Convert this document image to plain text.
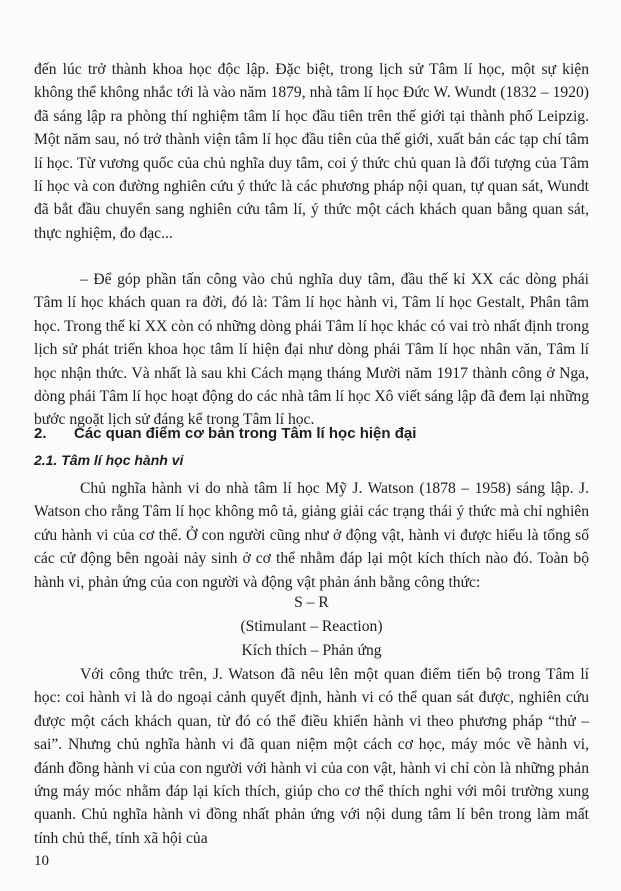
đến lúc trở thành khoa học độc lập. Đặc biệt, trong lịch sử Tâm lí học, một sự kiện không thể không nhắc tới là vào năm 1879, nhà tâm lí học Đức W. Wundt (1832 – 1920) đã sáng lập ra phòng thí nghiệm tâm lí học đầu tiên trên thế giới tại thành phố Leipzig. Một năm sau, nó trở thành viện tâm lí học đầu tiên của thế giới, xuất bản các tạp chí tâm lí học. Từ vương quốc của chủ nghĩa duy tâm, coi ý thức chủ quan là đối tượng của Tâm lí học và con đường nghiên cứu ý thức là các phương pháp nội quan, tự quan sát, Wundt đã bắt đầu chuyển sang nghiên cứu tâm lí, ý thức một cách khách quan bằng quan sát, thực nghiệm, đo đạc...

– Để góp phần tấn công vào chủ nghĩa duy tâm, đầu thế kỉ XX các dòng phái Tâm lí học khách quan ra đời, đó là: Tâm lí học hành vi, Tâm lí học Gestalt, Phân tâm học. Trong thế kỉ XX còn có những dòng phái Tâm lí học khác có vai trò nhất định trong lịch sử phát triển khoa học tâm lí hiện đại như dòng phái Tâm lí học nhân văn, Tâm lí học nhận thức. Và nhất là sau khi Cách mạng tháng Mười năm 1917 thành công ở Nga, dòng phái Tâm lí học hoạt động do các nhà tâm lí học Xô viết sáng lập đã đem lại những bước ngoặt lịch sử đáng kể trong Tâm lí học.

2. Các quan điểm cơ bản trong Tâm lí học hiện đại
2.1. Tâm lí học hành vi

Chủ nghĩa hành vi do nhà tâm lí học Mỹ J. Watson (1878 – 1958) sáng lập. J. Watson cho rằng Tâm lí học không mô tả, giảng giải các trạng thái ý thức mà chỉ nghiên cứu hành vi của cơ thể. Ở con người cũng như ở động vật, hành vi được hiểu là tổng số các cử động bên ngoài nảy sinh ở cơ thể nhằm đáp lại một kích thích nào đó. Toàn bộ hành vi, phản ứng của con người và động vật phản ánh bằng công thức:

S – R

(Stimulant – Reaction)

Kích thích – Phản ứng

Với công thức trên, J. Watson đã nêu lên một quan điểm tiến bộ trong Tâm lí học: coi hành vi là do ngoại cảnh quyết định, hành vi có thể quan sát được, nghiên cứu được một cách khách quan, từ đó có thể điều khiển hành vi theo phương pháp “thử – sai”. Nhưng chủ nghĩa hành vi đã quan niệm một cách cơ học, máy móc về hành vi, đánh đồng hành vi của con người với hành vi của con vật, hành vi chỉ còn là những phản ứng máy móc nhằm đáp lại kích thích, giúp cho cơ thể thích nghi với môi trường xung quanh. Chủ nghĩa hành vi đồng nhất phản ứng với nội dung tâm lí bên trong làm mất tính chủ thể, tính xã hội của

10
